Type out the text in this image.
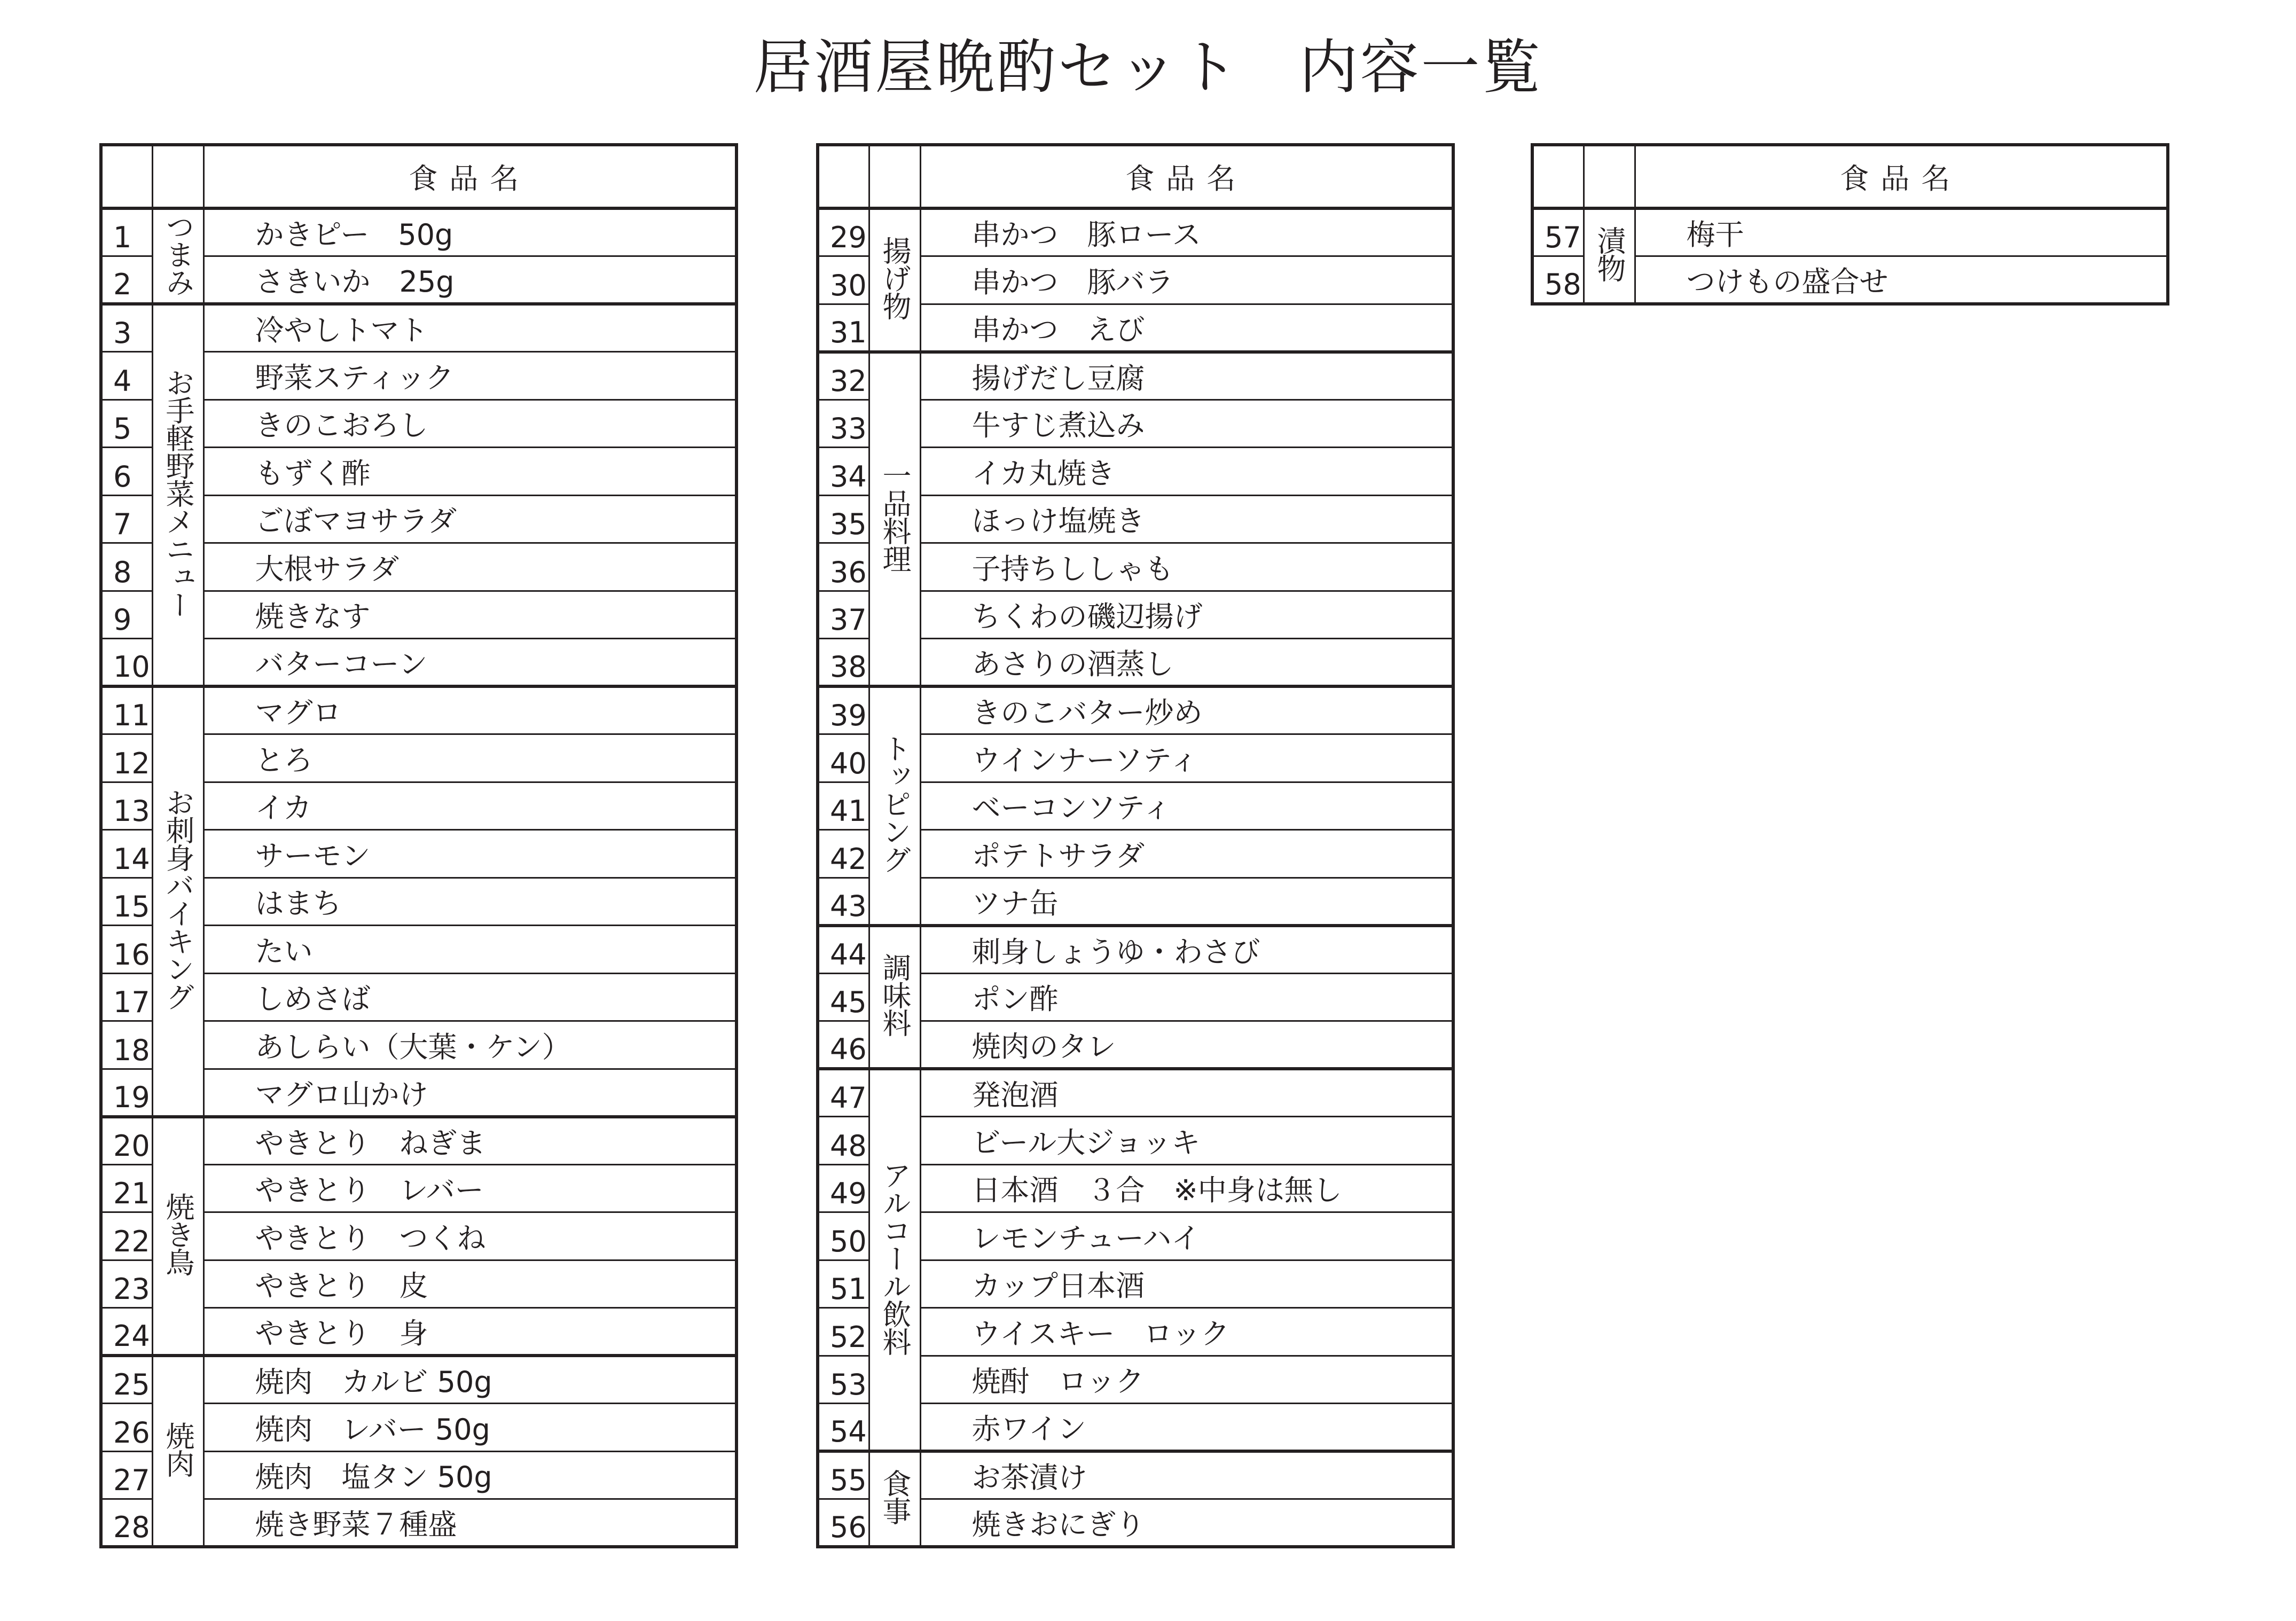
居酒屋晩酌セット 内容一覧
		食品名
1	つまみ	かきピー　50g
2		さきいか　25g
3	お手軽野菜メニュー	冷やしトマト
4		野菜スティック
5		きのこおろし
6		もずく酢
7		ごぼマヨサラダ
8		大根サラダ
9		焼きなす
10		バターコーン
11	お刺身バイキング	マグロ
12		とろ
13		イカ
14		サーモン
15		はまち
16		たい
17		しめさば
18		あしらい（大葉・ケン）
19		マグロ山かけ
20	焼き鳥	やきとり　ねぎま
21		やきとり　レバー
22		やきとり　つくね
23		やきとり　皮
24		やきとり　身
25	焼肉	焼肉　カルビ 50g
26		焼肉　レバー 50g
27		焼肉　塩タン 50g
28		焼き野菜７種盛
		食品名
29	揚げ物	串かつ　豚ロース
30		串かつ　豚バラ
31		串かつ　えび
32	一品料理	揚げだし豆腐
33		牛すじ煮込み
34		イカ丸焼き
35		ほっけ塩焼き
36		子持ちししゃも
37		ちくわの磯辺揚げ
38		あさりの酒蒸し
39	トッピング	きのこバター炒め
40		ウインナーソティ
41		ベーコンソティ
42		ポテトサラダ
43		ツナ缶
44	調味料	刺身しょうゆ・わさび
45		ポン酢
46		焼肉のタレ
47	アルコール飲料	発泡酒
48		ビール大ジョッキ
49		日本酒　３合　※中身は無し
50		レモンチューハイ
51		カップ日本酒
52		ウイスキー　ロック
53		焼酎　ロック
54		赤ワイン
55	食事	お茶漬け
56		焼きおにぎり
		食品名
57	漬物	梅干
58		つけもの盛合せ
